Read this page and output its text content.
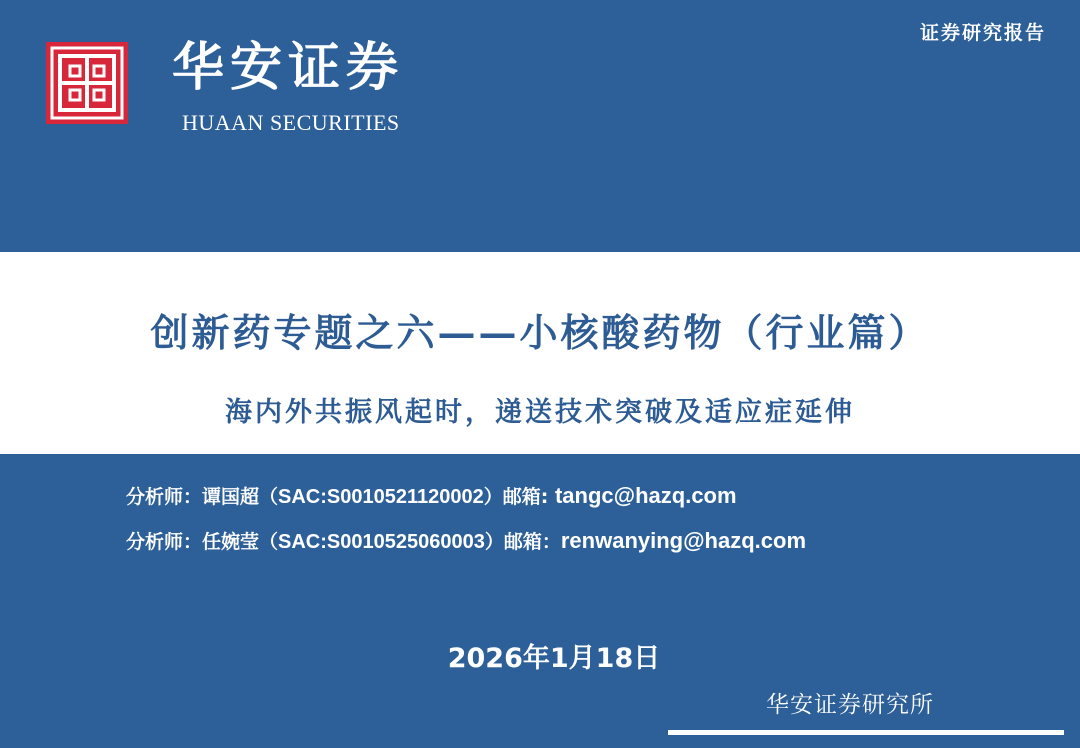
证券研究报告
华安证券
HUAAN SECURITIES
创新药专题之六——小核酸药物（行业篇）
海内外共振风起时，递送技术突破及适应症延伸
分析师：谭国超（SAC:S0010521120002）邮箱: tangc@hazq.com
分析师：任婉莹（SAC:S0010525060003）邮箱：renwanying@hazq.com
2026年1月18日
华安证券研究所
